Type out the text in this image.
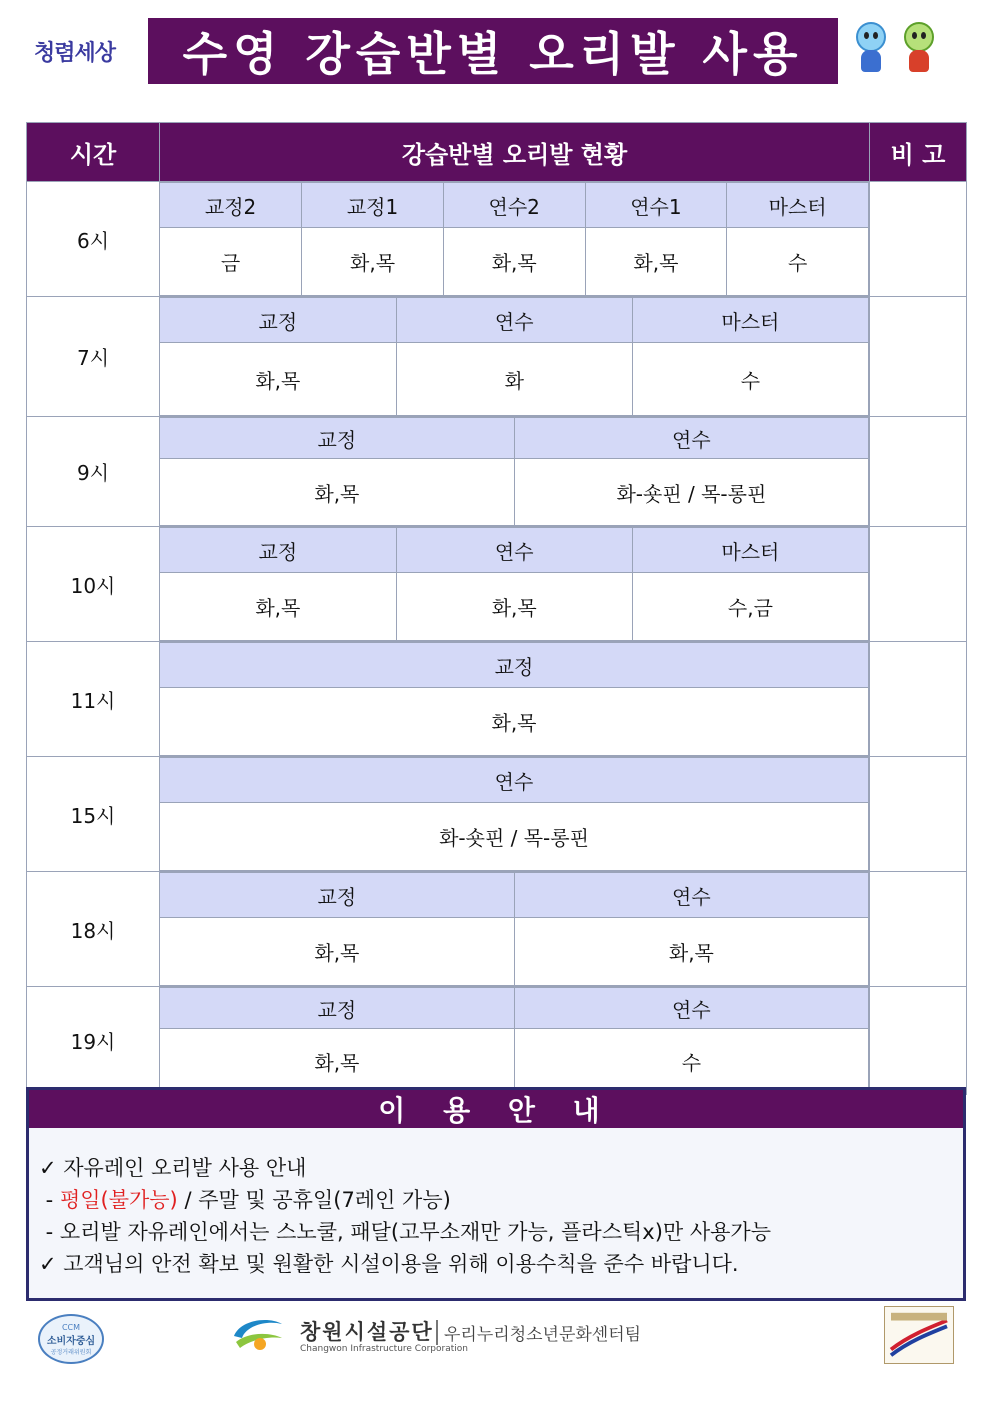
청렴세상 수영 강습반별 오리발 사용
시간	강습반별 오리발 현황	비 고
6시	
교정2	교정1	연수2	연수1	마스터
금	화,목	화,목	화,목	수

7시	
교정	연수	마스터
화,목	화	수

9시	
교정	연수
화,목	화-숏핀 / 목-롱핀

10시	
교정	연수	마스터
화,목	화,목	수,금

11시	
교정
화,목

15시	
연수
화-숏핀 / 목-롱핀

18시	
교정	연수
화,목	화,목

19시	
교정	연수
화,목	수

이 용 안 내
✓ 자유레인 오리발 사용 안내
- 평일(불가능) / 주말 및 공휴일(7레인 가능)
- 오리발 자유레인에서는 스노쿨, 패달(고무소재만 가능, 플라스틱x)만 사용가능
✓ 고객님의 안전 확보 및 원활한 시설이용을 위해 이용수칙을 준수 바랍니다.
CCM
소비자중심
공정거래위원회
창원시설공단
Changwon Infrastructure Corporation
우리누리청소년문화센터팀
